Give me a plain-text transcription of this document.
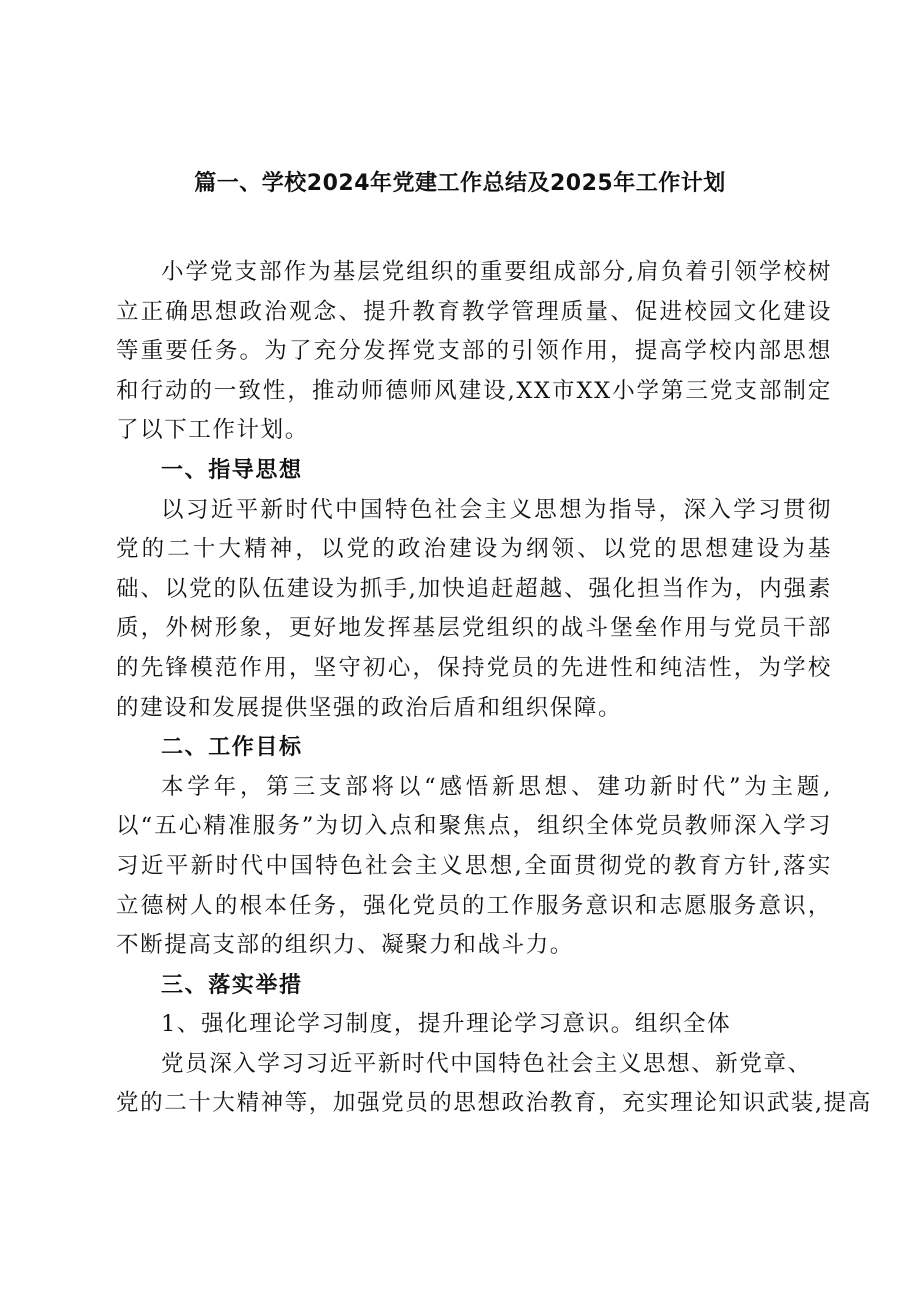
篇一、学校2024年党建工作总结及2025年工作计划

小学党支部作为基层党组织的重要组成部分,肩负着引领学校树立正确思想政治观念、提升教育教学管理质量、促进校园文化建设等重要任务。为了充分发挥党支部的引领作用，提高学校内部思想和行动的一致性，推动师德师风建设,XX市XX小学第三党支部制定了以下工作计划。

一、指导思想

以习近平新时代中国特色社会主义思想为指导，深入学习贯彻党的二十大精神，以党的政治建设为纲领、以党的思想建设为基础、以党的队伍建设为抓手,加快追赶超越、强化担当作为，内强素质，外树形象，更好地发挥基层党组织的战斗堡垒作用与党员干部的先锋模范作用，坚守初心，保持党员的先进性和纯洁性，为学校的建设和发展提供坚强的政治后盾和组织保障。

二、工作目标

本学年，第三支部将以“感悟新思想、建功新时代”为主题,以“五心精准服务”为切入点和聚焦点，组织全体党员教师深入学习习近平新时代中国特色社会主义思想,全面贯彻党的教育方针,落实立德树人的根本任务，强化党员的工作服务意识和志愿服务意识，不断提高支部的组织力、凝聚力和战斗力。

三、落实举措

1、强化理论学习制度，提升理论学习意识。组织全体

党员深入学习习近平新时代中国特色社会主义思想、新党章、

党的二十大精神等，加强党员的思想政治教育，充实理论知识武装,提高
